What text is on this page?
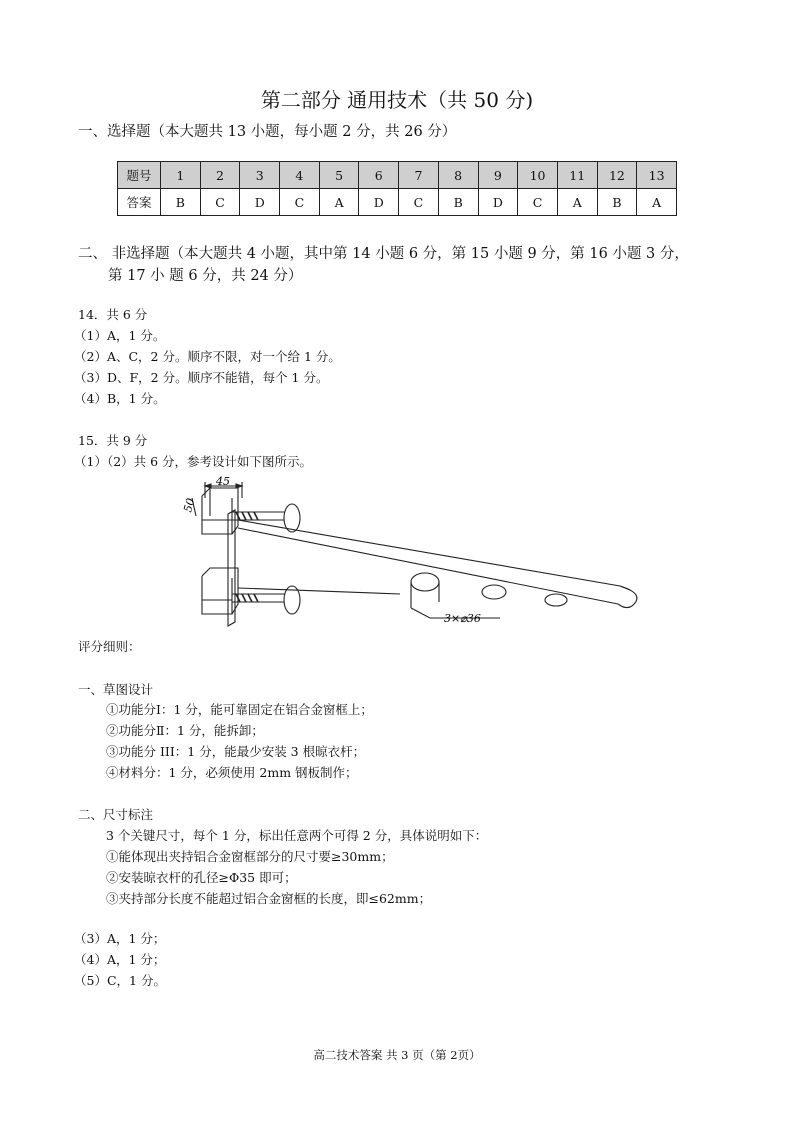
第二部分 通用技术（共 50 分)
一、选择题（本大题共 13 小题，每小题 2 分，共 26 分）
题号	1	2	3	4	5	6	7	8	9	10	11	12	13
答案	B	C	D	C	A	D	C	B	D	C	A	B	A
二、 非选择题（本大题共 4 小题，其中第 14 小题 6 分，第 15 小题 9 分，第 16 小题 3 分，
第 17 小 题 6 分，共 24 分）
14．共 6 分
（1）A，1 分。
（2）A、C，2 分。顺序不限，对一个给 1 分。
（3）D、F，2 分。顺序不能错，每个 1 分。
（4）B，1 分。
15．共 9 分
（1）（2）共 6 分，参考设计如下图所示。
45
50
3×⌀36
评分细则：
一、草图设计
①功能分Ⅰ：1 分，能可靠固定在铝合金窗框上；
②功能分Ⅱ：1 分，能拆卸；
③功能分 III：1 分，能最少安装 3 根晾衣杆；
④材料分：1 分，必须使用 2mm 钢板制作；
二、尺寸标注
3 个关键尺寸，每个 1 分，标出任意两个可得 2 分，具体说明如下：
①能体现出夹持铝合金窗框部分的尺寸要≥30mm；
②安装晾衣杆的孔径≥Φ35 即可；
③夹持部分长度不能超过铝合金窗框的长度，即≤62mm；
（3）A，1 分；
（4）A，1 分；
（5）C，1 分。
高二技术答案 共 3 页（第 2页）
